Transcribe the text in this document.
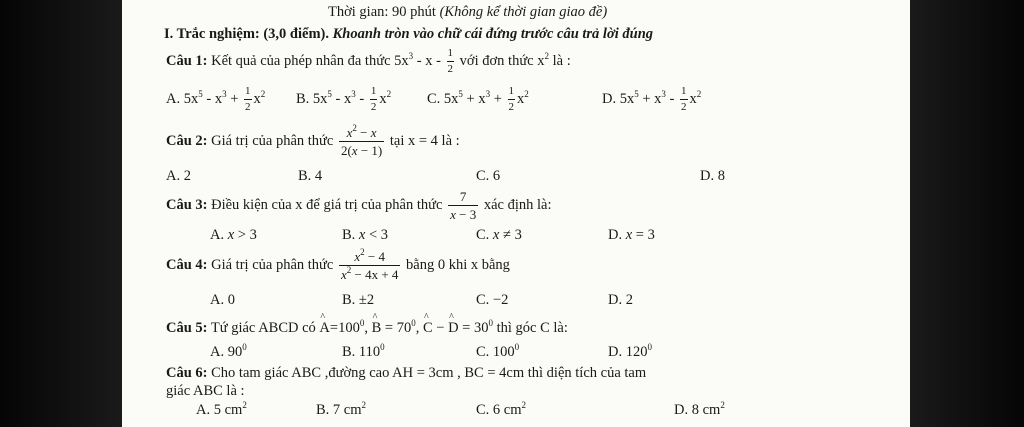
Thời gian: 90 phút (Không kể thời gian giao đề)
I. Trắc nghiệm: (3,0 điểm). Khoanh tròn vào chữ cái đứng trước câu trả lời đúng
Câu 1: Kết quả của phép nhân đa thức $5x^3$ - x - $\frac{1}{2}$ với đơn thức $x^2$ là :
A. $5x^5 - x^3 + \frac{1}{2} x^2$ B. $5x^5 - x^3 - \frac{1}{2} x^2$ C. $5x^5 + x^3 + \frac{1}{2} x^2$	D. $5x^5 + x^3 - \frac{1}{2} x^2$
Câu 2: Giá trị của phân thức $\frac{x^2 - x}{2(x - 1)}$ tại x = 4 là :
A. 2	B. 4	C. 6	D. 8
Câu 3: Điều kiện của x để giá trị của phân thức $\frac{7}{x - 3}$ xác định là:
A. x > 3	B. x < 3	C. x ≠ 3	D. x = 3
Câu 4: Giá trị của phân thức $\frac{x^2 - 4}{x^2 - 4x + 4}$ bằng 0 khi x bằng
A. 0	B. ±2	C. −2	D. 2
Câu 5: Tứ giác ABCD có ^ $A=100^0$, ^ $B = 70^0$, ^ C − ^ $D = 30^0$ thì góc C là:
A. $90^0$	B. $110^0$	C. $100^0$	D. $120^0$
Câu 6: Cho tam giác ABC ,đường cao AH = 3cm , BC = 4cm thì diện tích của tam
giác ABC là :
A. 5 $cm^2$	B. 7 $cm^2$	C. 6 $cm^2$	D. 8 $cm^2$
